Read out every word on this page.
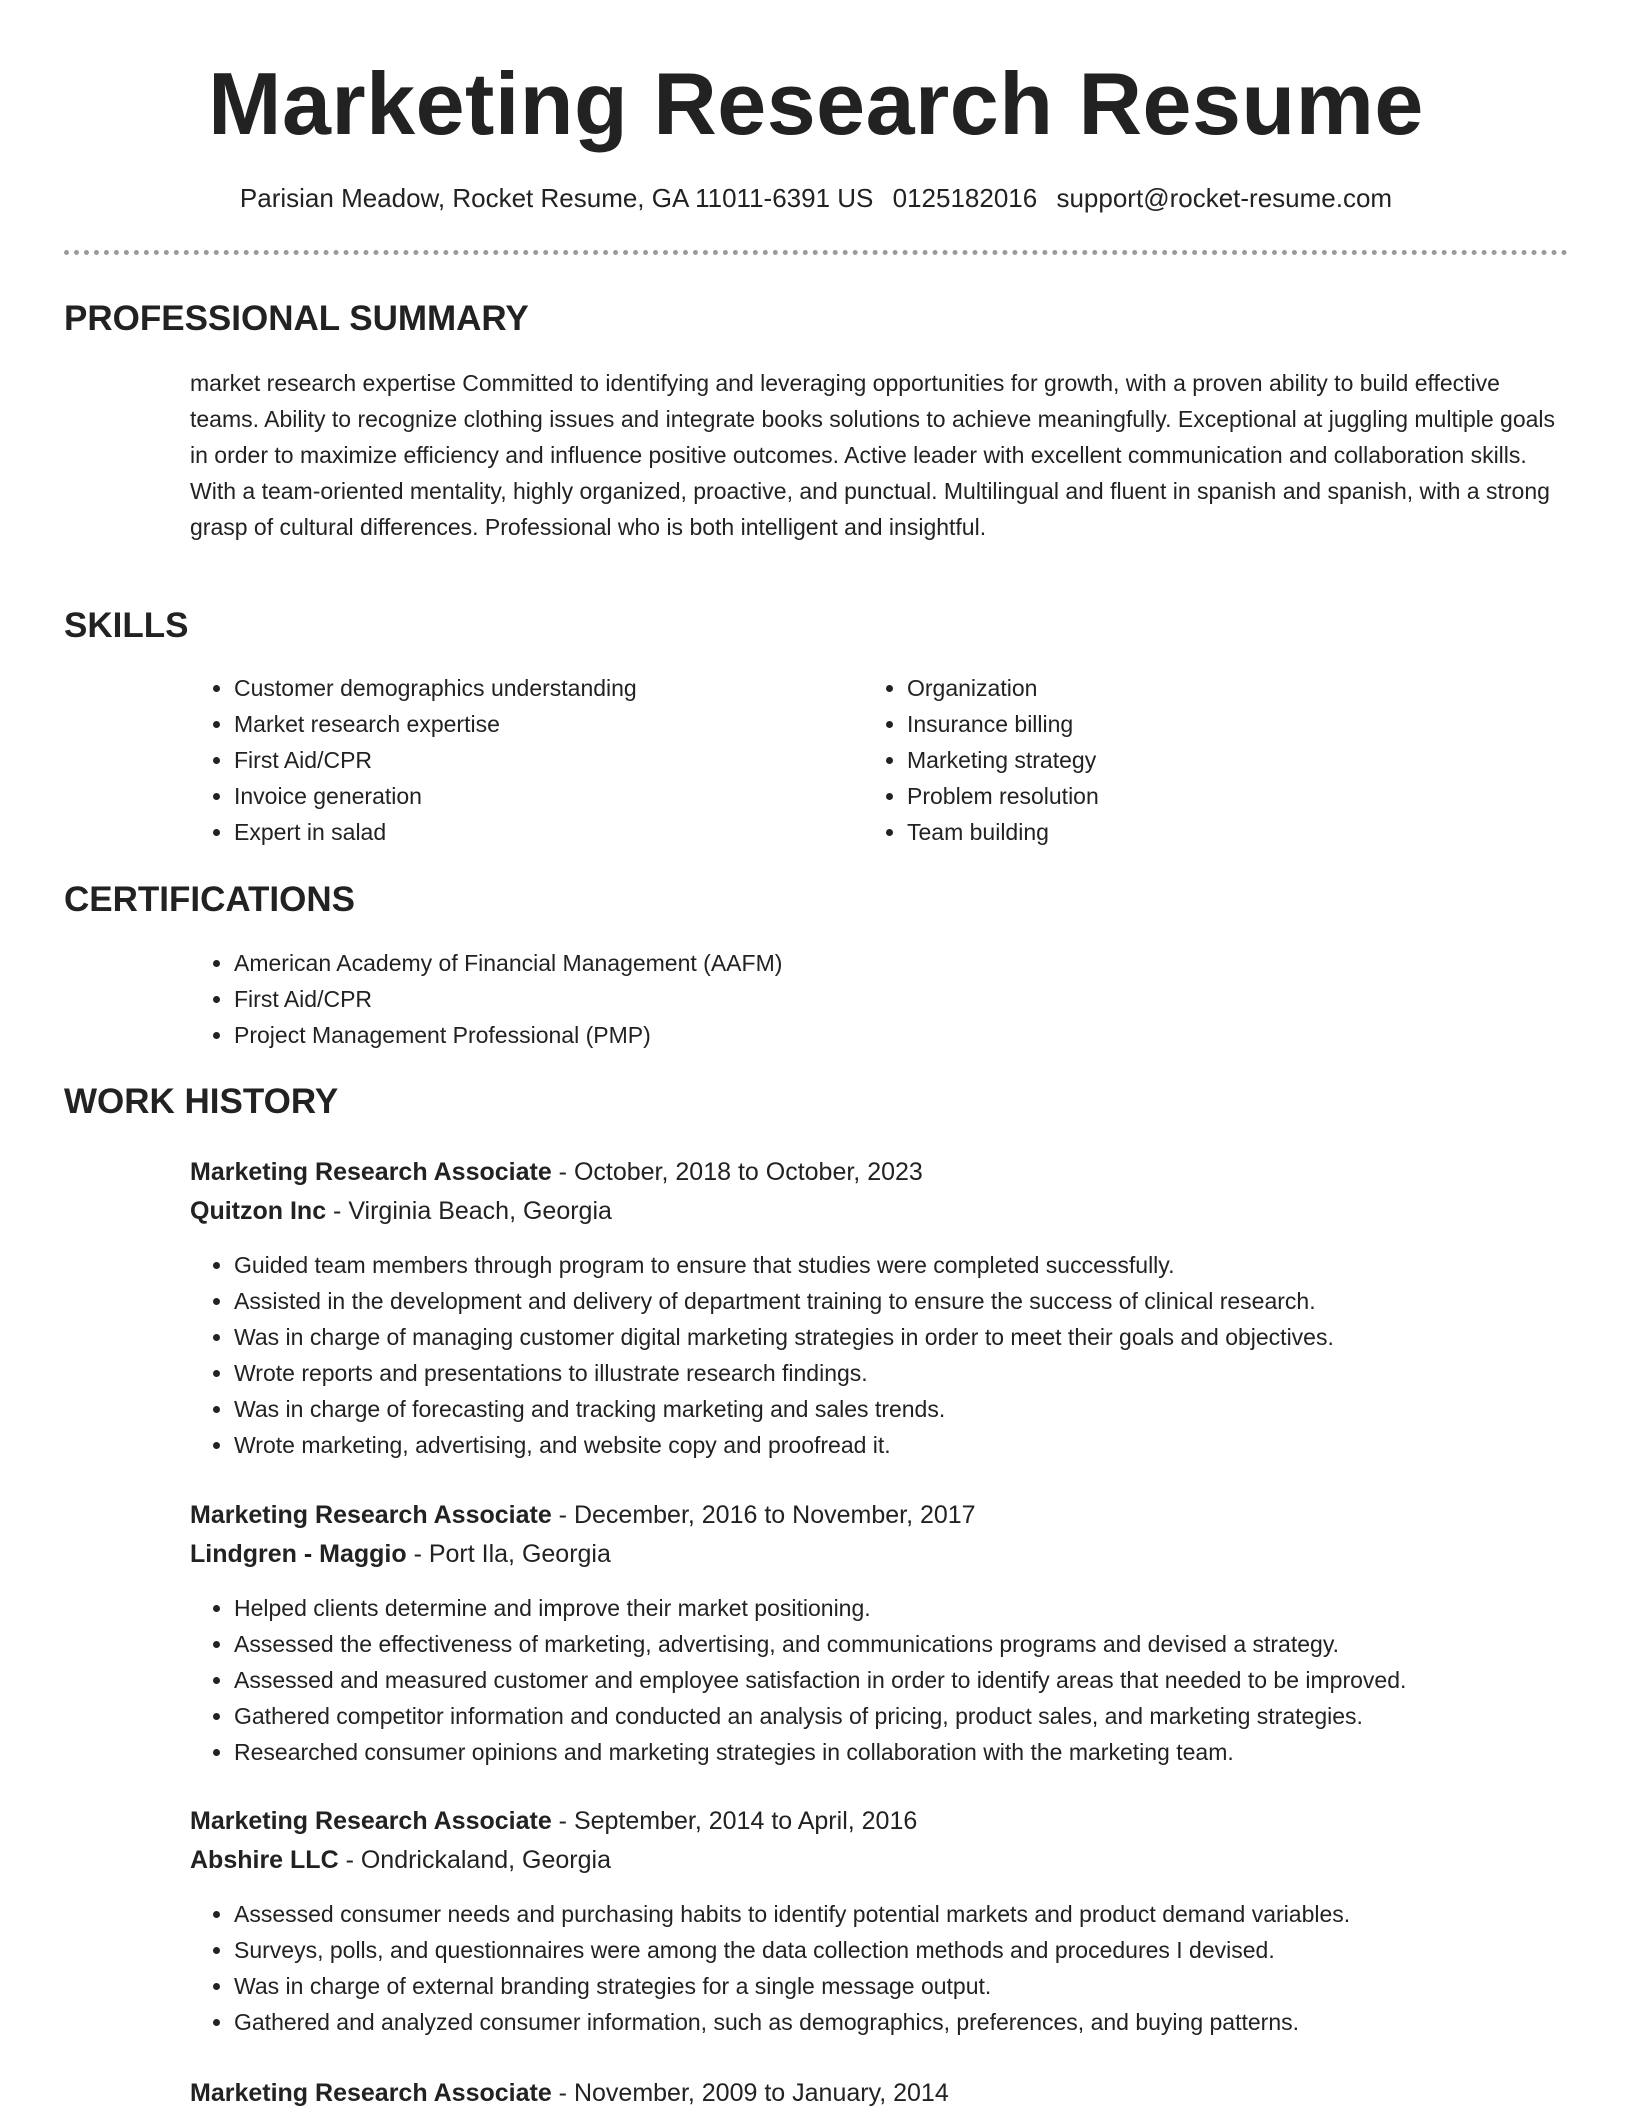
Marketing Research Resume
Parisian Meadow, Rocket Resume, GA 11011-6391 US 0125182016 support@rocket-resume.com
PROFESSIONAL SUMMARY

market research expertise Committed to identifying and leveraging opportunities for growth, with a proven ability to build effective teams. Ability to recognize clothing issues and integrate books solutions to achieve meaningfully. Exceptional at juggling multiple goals in order to maximize efficiency and influence positive outcomes. Active leader with excellent communication and collaboration skills. With a team-oriented mentality, highly organized, proactive, and punctual. Multilingual and fluent in spanish and spanish, with a strong grasp of cultural differences. Professional who is both intelligent and insightful.

SKILLS
• Customer demographics understanding
• Market research expertise
• First Aid/CPR
• Invoice generation
• Expert in salad
• Organization
• Insurance billing
• Marketing strategy
• Problem resolution
• Team building
CERTIFICATIONS
• American Academy of Financial Management (AAFM)
• First Aid/CPR
• Project Management Professional (PMP)
WORK HISTORY
Marketing Research Associate - October, 2018 to October, 2023
Quitzon Inc - Virginia Beach, Georgia
• Guided team members through program to ensure that studies were completed successfully.
• Assisted in the development and delivery of department training to ensure the success of clinical research.
• Was in charge of managing customer digital marketing strategies in order to meet their goals and objectives.
• Wrote reports and presentations to illustrate research findings.
• Was in charge of forecasting and tracking marketing and sales trends.
• Wrote marketing, advertising, and website copy and proofread it.
Marketing Research Associate - December, 2016 to November, 2017
Lindgren - Maggio - Port Ila, Georgia
• Helped clients determine and improve their market positioning.
• Assessed the effectiveness of marketing, advertising, and communications programs and devised a strategy.
• Assessed and measured customer and employee satisfaction in order to identify areas that needed to be improved.
• Gathered competitor information and conducted an analysis of pricing, product sales, and marketing strategies.
• Researched consumer opinions and marketing strategies in collaboration with the marketing team.
Marketing Research Associate - September, 2014 to April, 2016
Abshire LLC - Ondrickaland, Georgia
• Assessed consumer needs and purchasing habits to identify potential markets and product demand variables.
• Surveys, polls, and questionnaires were among the data collection methods and procedures I devised.
• Was in charge of external branding strategies for a single message output.
• Gathered and analyzed consumer information, such as demographics, preferences, and buying patterns.
Marketing Research Associate - November, 2009 to January, 2014
